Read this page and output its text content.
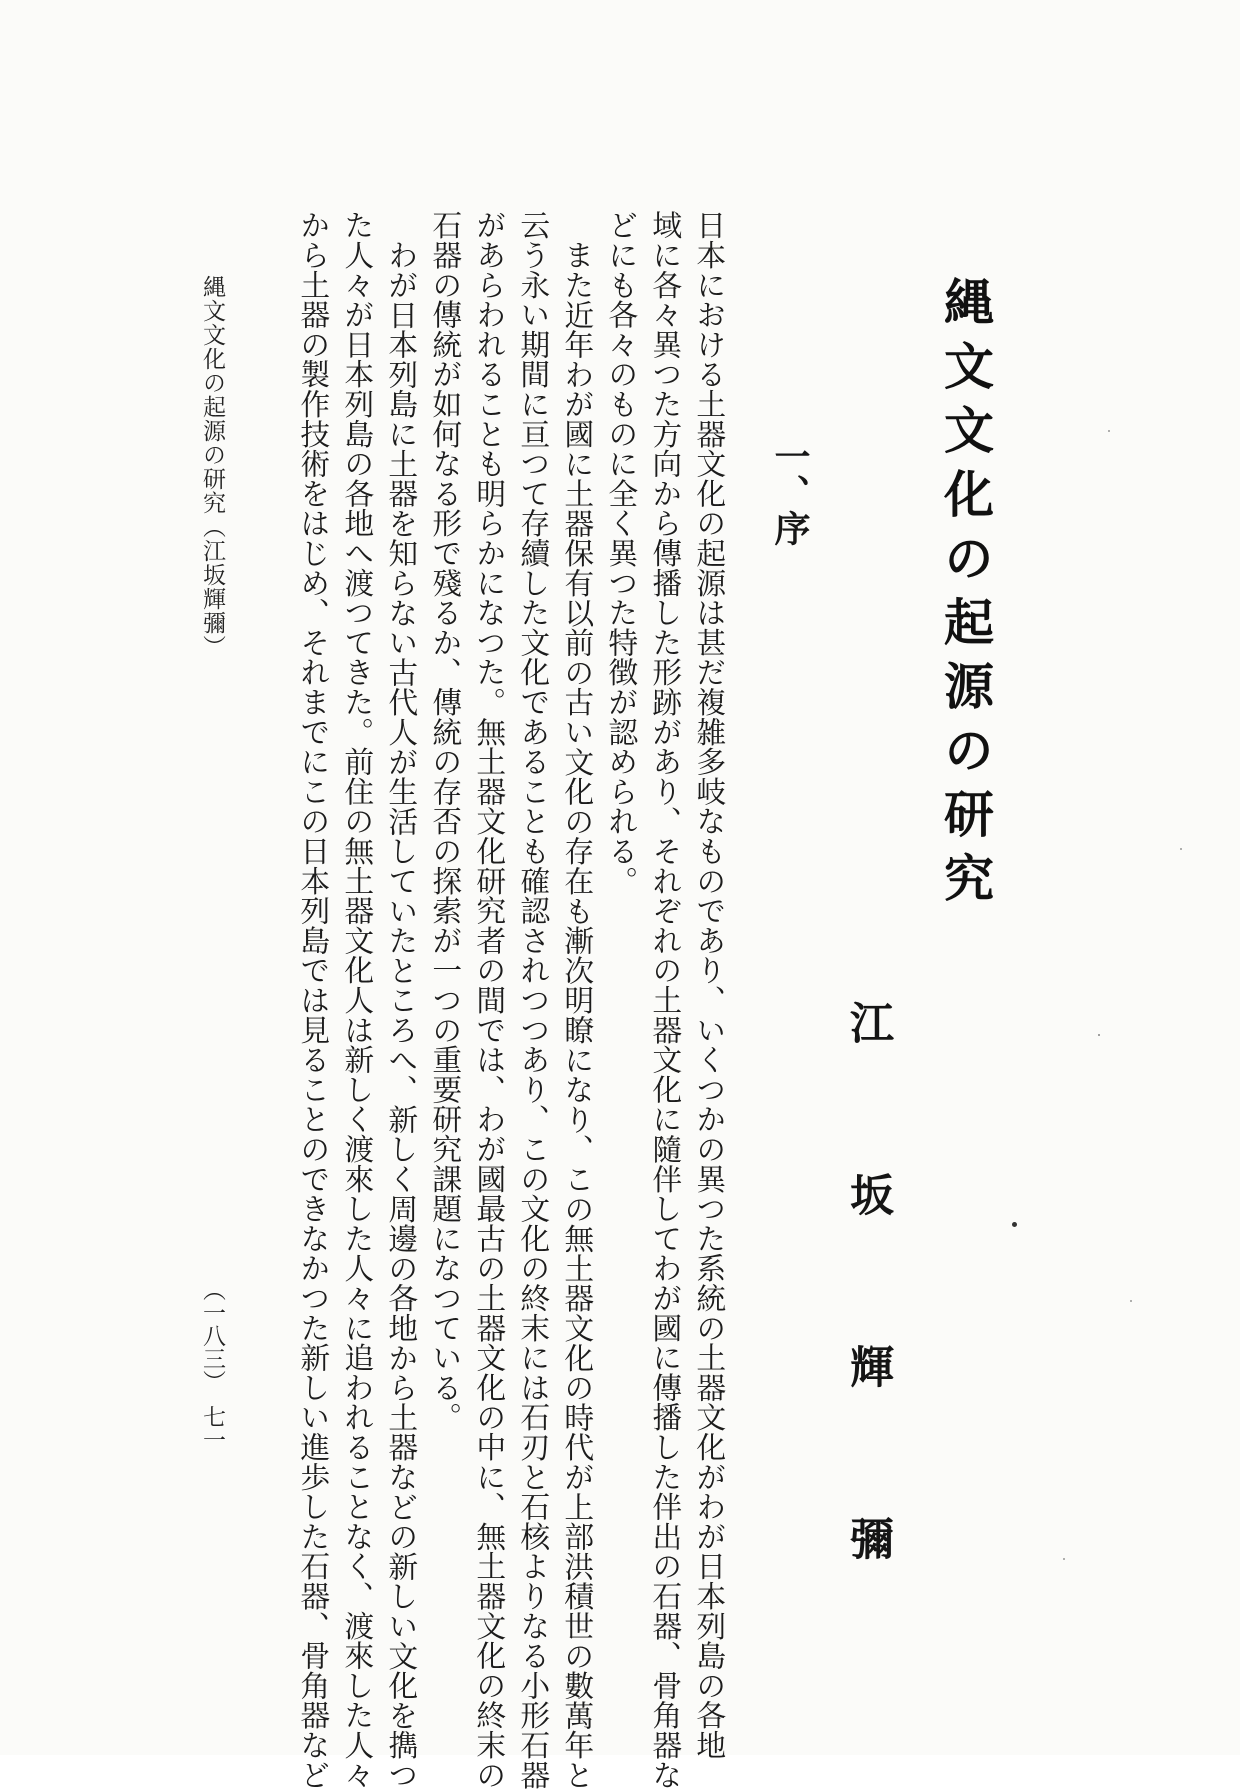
縄文文化の起源の研究
一、序
江
坂
輝
彌
日本における土器文化の起源は甚だ複雑多岐なものであり、いくつかの異つた系統の土器文化がわが日本列島の各地
域に各々異つた方向から傳播した形跡があり、それぞれの土器文化に隨伴してわが國に傳播した伴出の石器、骨角器な
どにも各々のものに全く異つた特徴が認められる。
また近年わが國に土器保有以前の古い文化の存在も漸次明瞭になり、この無土器文化の時代が上部洪積世の數萬年と
云う永い期間に亘つて存續した文化であることも確認されつつあり、この文化の終末には石刃と石核よりなる小形石器
があらわれることも明らかになつた。無土器文化研究者の間では、わが國最古の土器文化の中に、無土器文化の終末の
石器の傳統が如何なる形で殘るか、傳統の存否の探索が一つの重要研究課題になつている。
わが日本列島に土器を知らない古代人が生活していたところへ、新しく周邊の各地から土器などの新しい文化を擕つ
た人々が日本列島の各地へ渡つてきた。前住の無土器文化人は新しく渡來した人々に追われることなく、渡來した人々
から土器の製作技術をはじめ、それまでにこの日本列島では見ることのできなかつた新しい進歩した石器、骨角器など
縄文文化の起源の研究（江坂輝彌）
（一八三）
七一
